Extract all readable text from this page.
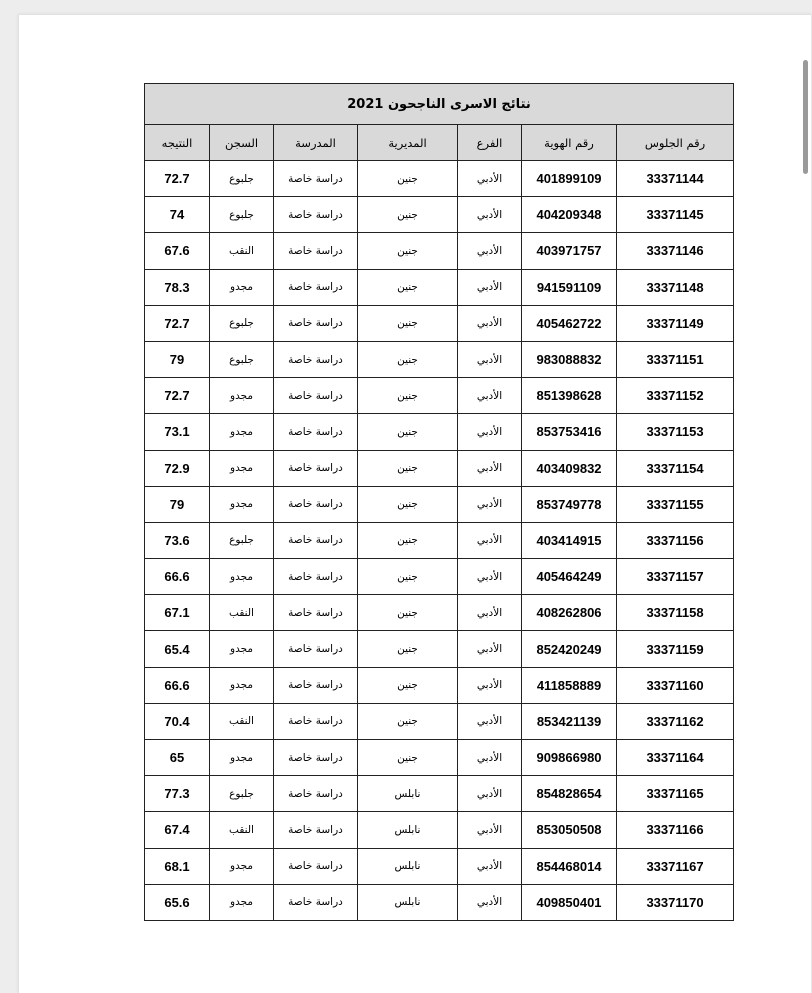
نتائج الاسرى الناجحون 2021						
رقم الجلوس	رقم الهوية	الفرع	المديرية	المدرسة	السجن	النتيجه
33371144	401899109	الأدبي	جنين	دراسة خاصة	جلبوع	72.7
33371145	404209348	الأدبي	جنين	دراسة خاصة	جلبوع	74
33371146	403971757	الأدبي	جنين	دراسة خاصة	النقب	67.6
33371148	941591109	الأدبي	جنين	دراسة خاصة	مجدو	78.3
33371149	405462722	الأدبي	جنين	دراسة خاصة	جلبوع	72.7
33371151	983088832	الأدبي	جنين	دراسة خاصة	جلبوع	79
33371152	851398628	الأدبي	جنين	دراسة خاصة	مجدو	72.7
33371153	853753416	الأدبي	جنين	دراسة خاصة	مجدو	73.1
33371154	403409832	الأدبي	جنين	دراسة خاصة	مجدو	72.9
33371155	853749778	الأدبي	جنين	دراسة خاصة	مجدو	79
33371156	403414915	الأدبي	جنين	دراسة خاصة	جلبوع	73.6
33371157	405464249	الأدبي	جنين	دراسة خاصة	مجدو	66.6
33371158	408262806	الأدبي	جنين	دراسة خاصة	النقب	67.1
33371159	852420249	الأدبي	جنين	دراسة خاصة	مجدو	65.4
33371160	411858889	الأدبي	جنين	دراسة خاصة	مجدو	66.6
33371162	853421139	الأدبي	جنين	دراسة خاصة	النقب	70.4
33371164	909866980	الأدبي	جنين	دراسة خاصة	مجدو	65
33371165	854828654	الأدبي	نابلس	دراسة خاصة	جلبوع	77.3
33371166	853050508	الأدبي	نابلس	دراسة خاصة	النقب	67.4
33371167	854468014	الأدبي	نابلس	دراسة خاصة	مجدو	68.1
33371170	409850401	الأدبي	نابلس	دراسة خاصة	مجدو	65.6
